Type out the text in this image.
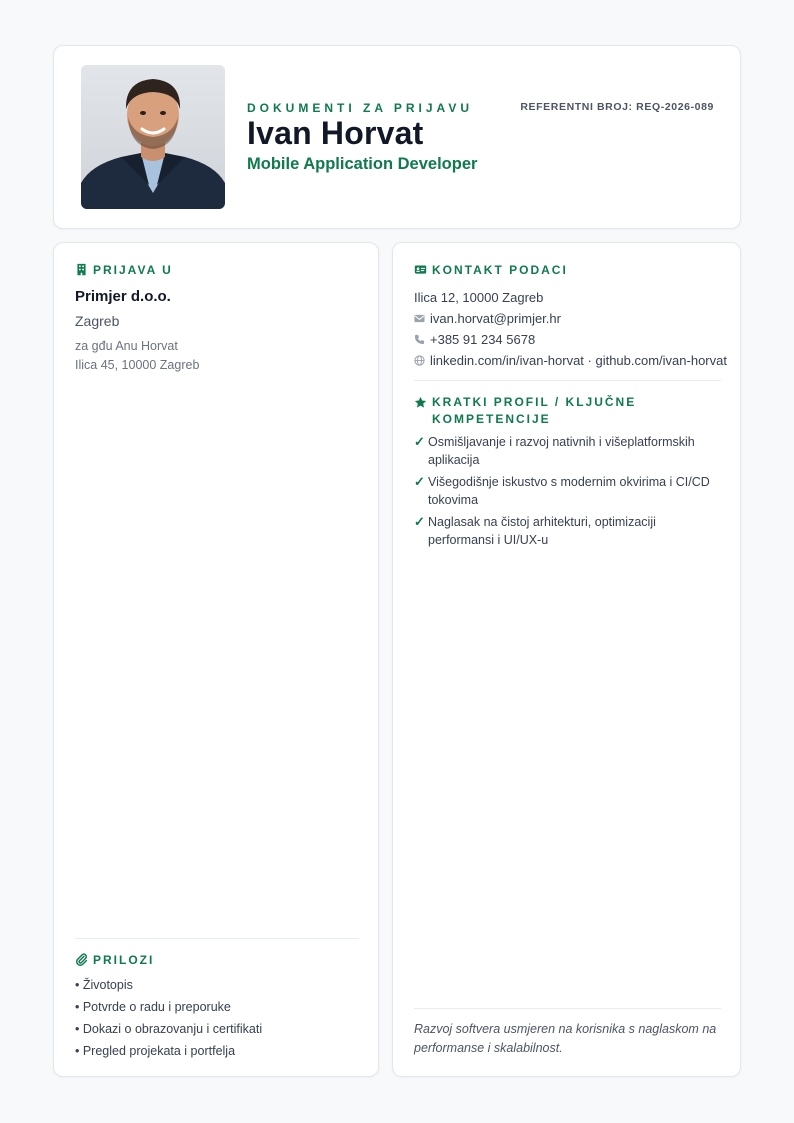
DOKUMENTI ZA PRIJAVU	REFERENTNI BROJ: REQ-2026-089
Ivan Horvat
Mobile Application Developer
PRIJAVA U
Primjer d.o.o.
Zagreb
za gđu Anu Horvat
Ilica 45, 10000 Zagreb
PRILOZI
• Životopis
• Potvrde o radu i preporuke
• Dokazi o obrazovanju i certifikati
• Pregled projekata i portfelja
KONTAKT PODACI
Ilica 12, 10000 Zagreb
ivan.horvat@primjer.hr
+385 91 234 5678
linkedin.com/in/ivan-horvat · github.com/ivan-horvat
KRATKI PROFIL / KLJUČNE
KOMPETENCIJE
✓ Osmišljavanje i razvoj nativnih i višeplatformskih aplikacija
✓ Višegodišnje iskustvo s modernim okvirima i CI/CD tokovima
✓ Naglasak na čistoj arhitekturi, optimizaciji performansi i UI/UX-u
Razvoj softvera usmjeren na korisnika s naglaskom na performanse i skalabilnost.
